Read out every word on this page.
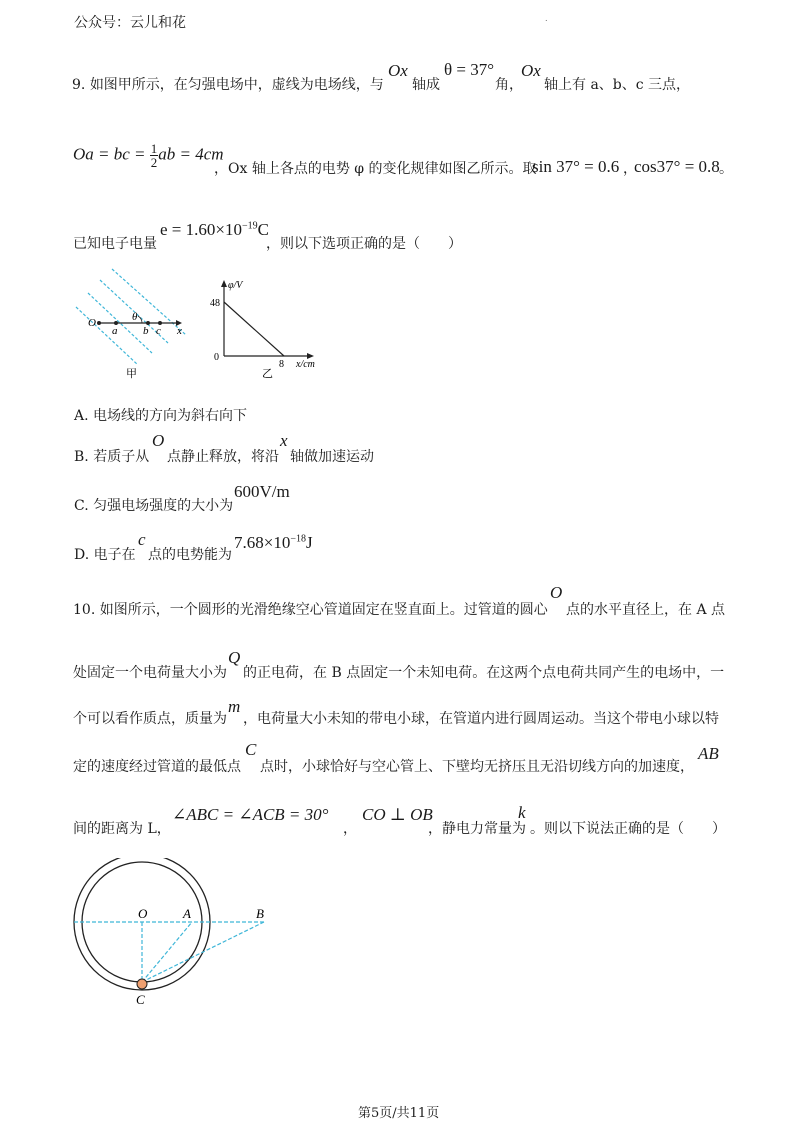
公众号：云儿和花	.
9. 如图甲所示，在匀强电场中，虚线为电场线，与
Ox
轴成
θ = 37°
角，
Ox
轴上有 a、b、c 三点，
Oa = bc = $\frac{1}{2}$ ab = 4cm
，Ox 轴上各点的电势 φ 的变化规律如图乙所示。取
sin 37° = 0.6 ，
cos37° = 0.8 。
已知电子电量
$e = 1.60\times 10^{-19}C$
，则以下选项正确的是（　　）
O
a
θ
b c x
甲
φ/V
48
0
8 x/cm
乙
A. 电场线的方向为斜右向下
B. 若质子从
O
点静止释放，将沿
x
轴做加速运动
C. 匀强电场强度的大小为
600V/m
D. 电子在
c
点的电势能为
$7.68\times 10^{-18}J$
10. 如图所示，一个圆形的光滑绝缘空心管道固定在竖直面上。过管道的圆心
O
点的水平直径上，在 A 点
处固定一个电荷量大小为
Q
的正电荷，在 B 点固定一个未知电荷。在这两个点电荷共同产生的电场中，一
个可以看作质点，质量为
m
，电荷量大小未知的带电小球，在管道内进行圆周运动。当这个带电小球以特
定的速度经过管道的最低点
C
点时，小球恰好与空心管上、下壁均无挤压且无沿切线方向的加速度，
AB
间的距离为 L，
∠ABC = ∠ACB = 30°
，
CO ⊥ OB
，静电力常量为
k
。则以下说法正确的是（　　）
O	A	B
C
第5页/共11页
